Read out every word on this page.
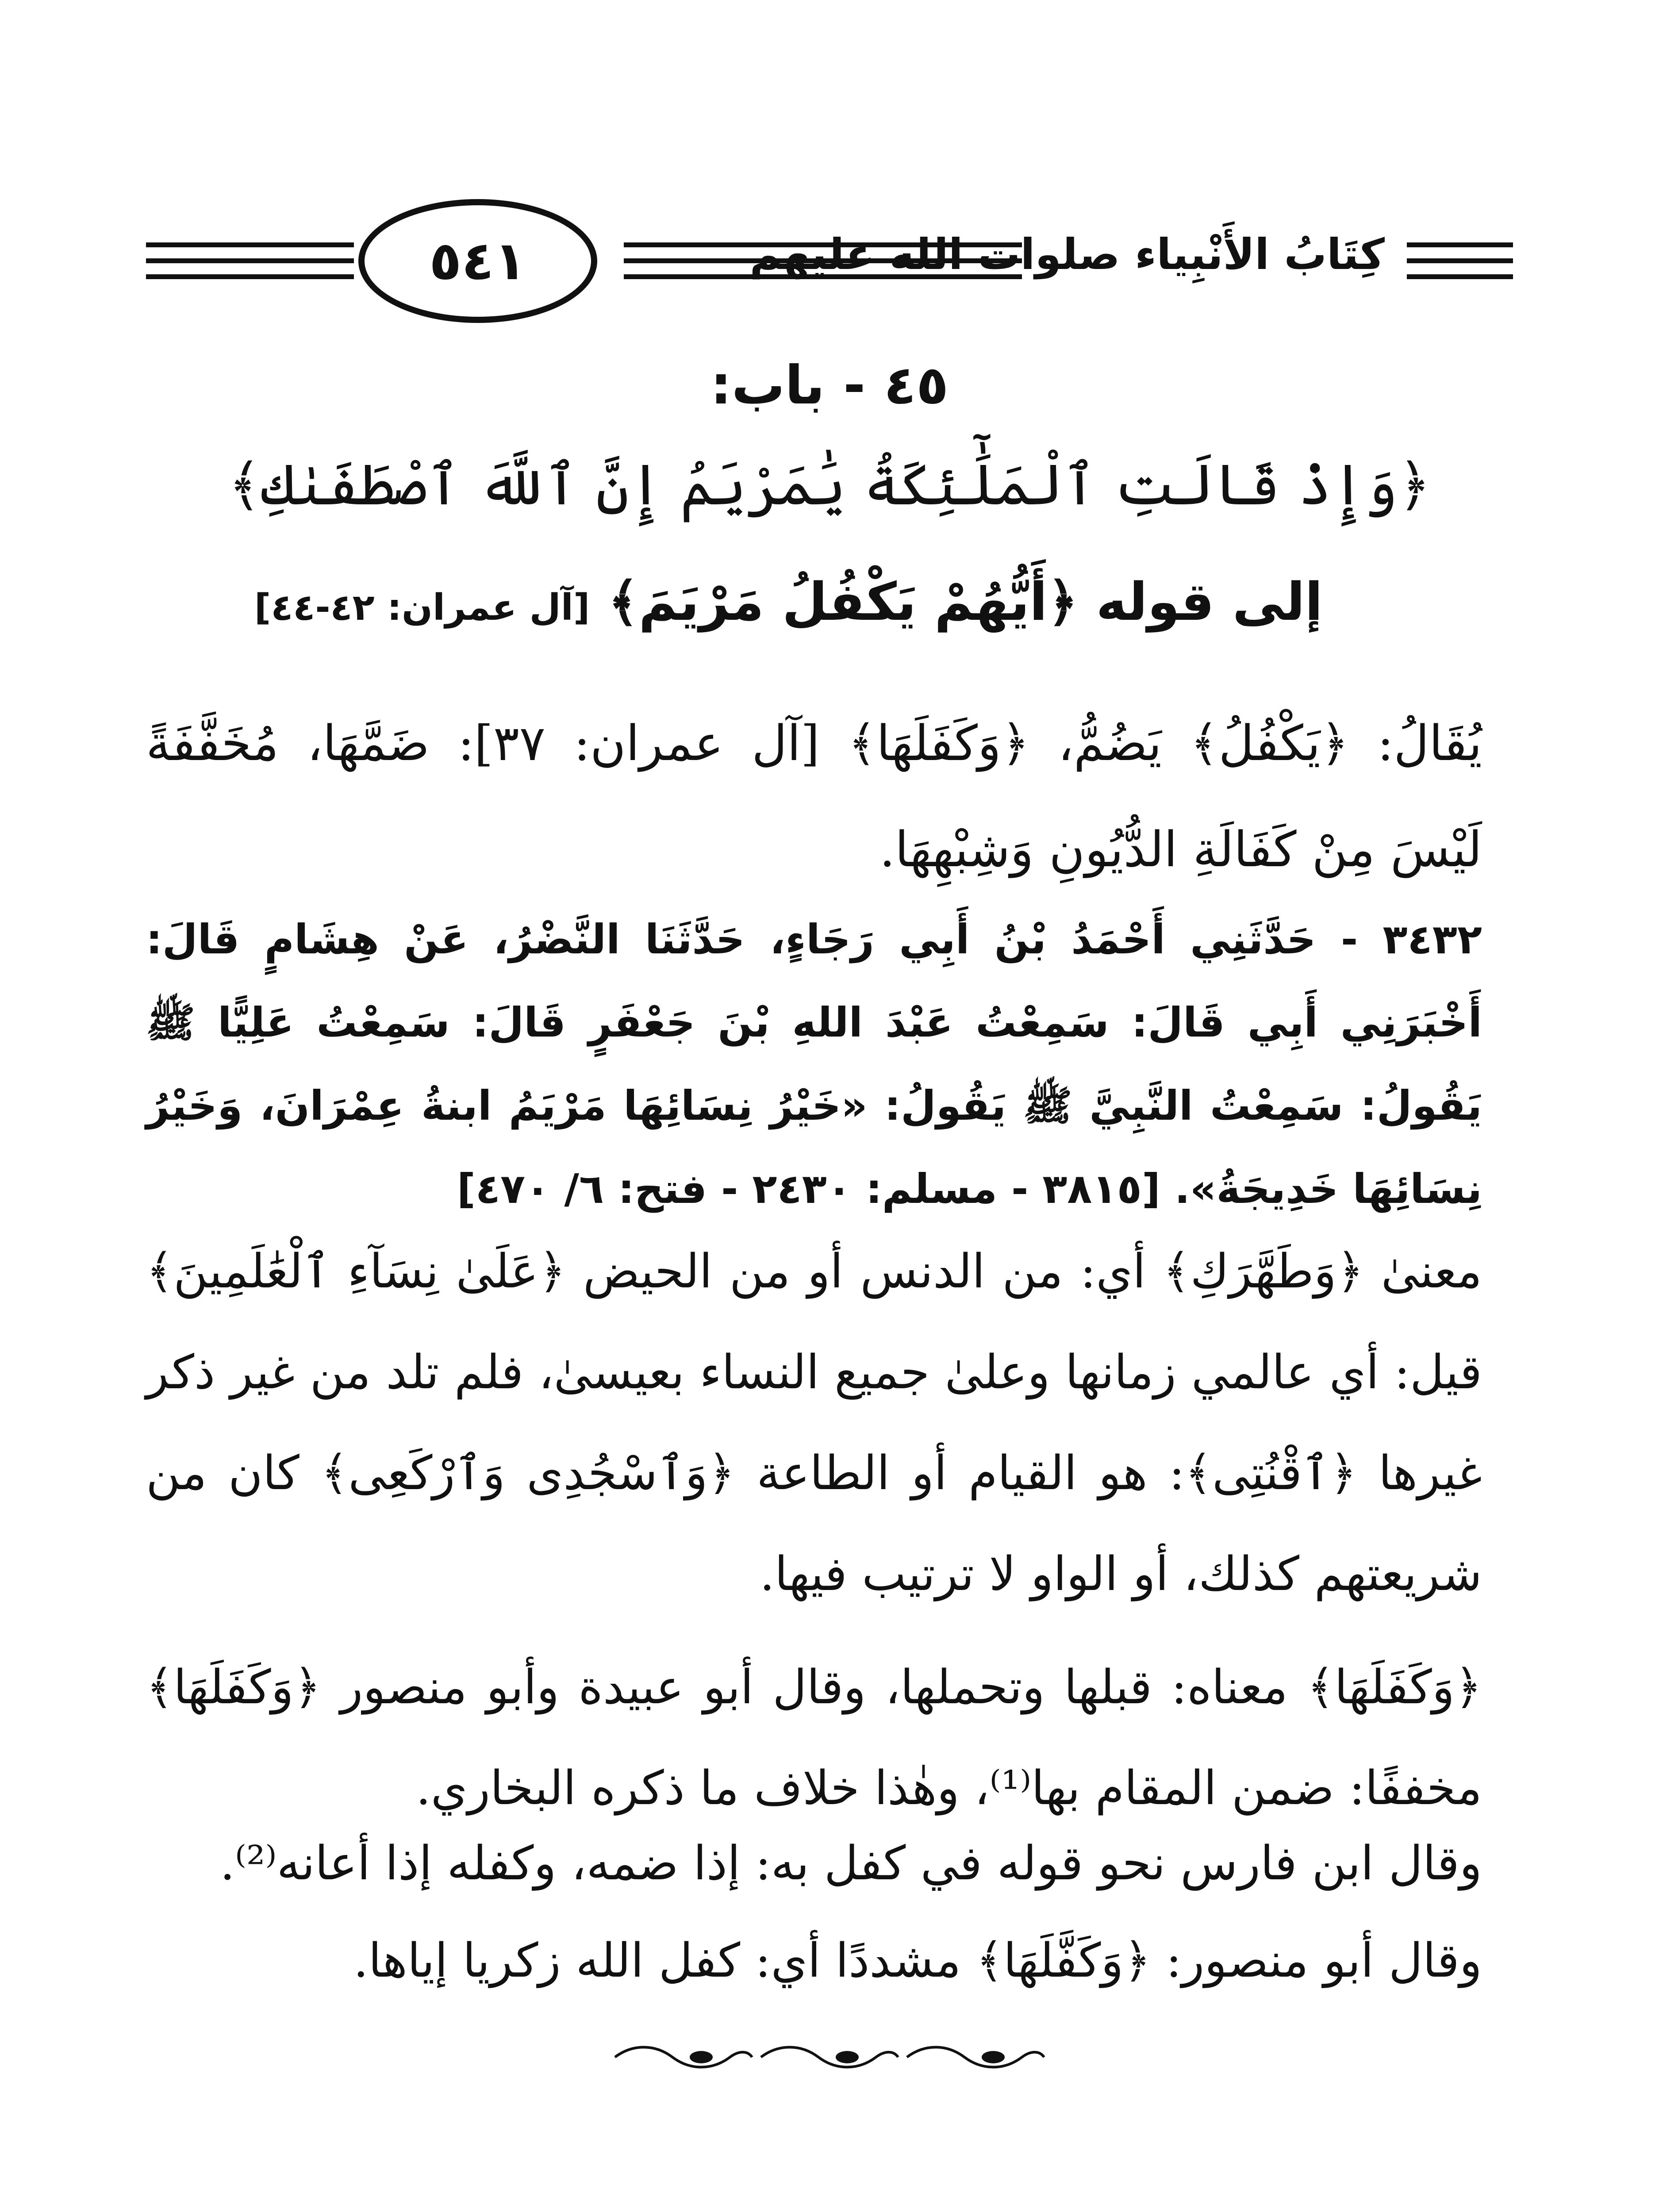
٥٤١	كِتَابُ الأَنْبِياء صلوات الله عليهم
٤٥ - باب:
﴿وَإِذْ قَالَتِ ٱلْمَلَٰٓئِكَةُ يَٰمَرْيَمُ إِنَّ ٱللَّهَ ٱصْطَفَىٰكِ﴾
إلى قوله ﴿أَيُّهُمْ يَكْفُلُ مَرْيَمَ﴾ [آل عمران: ٤٢-٤٤]
يُقَالُ: ﴿يَكْفُلُ﴾ يَضُمُّ، ﴿وَكَفَلَهَا﴾ [آل عمران: ٣٧]: ضَمَّهَا، مُخَفَّفَةً لَيْسَ مِنْ كَفَالَةِ الدُّيُونِ وَشِبْهِهَا.
٣٤٣٢ - حَدَّثَنِي أَحْمَدُ بْنُ أَبِي رَجَاءٍ، حَدَّثَنَا النَّضْرُ، عَنْ هِشَامٍ قَالَ: أَخْبَرَنِي أَبِي قَالَ: سَمِعْتُ عَبْدَ اللهِ بْنَ جَعْفَرٍ قَالَ: سَمِعْتُ عَلِيًّا ﷺ يَقُولُ: سَمِعْتُ النَّبِيَّ ﷺ يَقُولُ: «خَيْرُ نِسَائِهَا مَرْيَمُ ابنةُ عِمْرَانَ، وَخَيْرُ نِسَائِهَا خَدِيجَةُ». [٣٨١٥ - مسلم: ٢٤٣٠ - فتح: ٦/ ٤٧٠]
معنىٰ ﴿وَطَهَّرَكِ﴾ أي: من الدنس أو من الحيض ﴿عَلَىٰ نِسَآءِ ٱلْعَٰلَمِينَ﴾ قيل: أي عالمي زمانها وعلىٰ جميع النساء بعيسىٰ، فلم تلد من غير ذكر غيرها ﴿ٱقْنُتِى﴾: هو القيام أو الطاعة ﴿وَٱسْجُدِى وَٱرْكَعِى﴾ كان من شريعتهم كذلك، أو الواو لا ترتيب فيها.
﴿وَكَفَلَهَا﴾ معناه: قبلها وتحملها، وقال أبو عبيدة وأبو منصور ﴿وَكَفَلَهَا﴾ مخففًا: ضمن المقام بها⁽¹⁾، وهٰذا خلاف ما ذكره البخاري.
وقال ابن فارس نحو قوله في كفل به: إذا ضمه، وكفله إذا أعانه⁽²⁾.
وقال أبو منصور: ﴿وَكَفَّلَهَا﴾ مشددًا أي: كفل الله زكريا إياها.
